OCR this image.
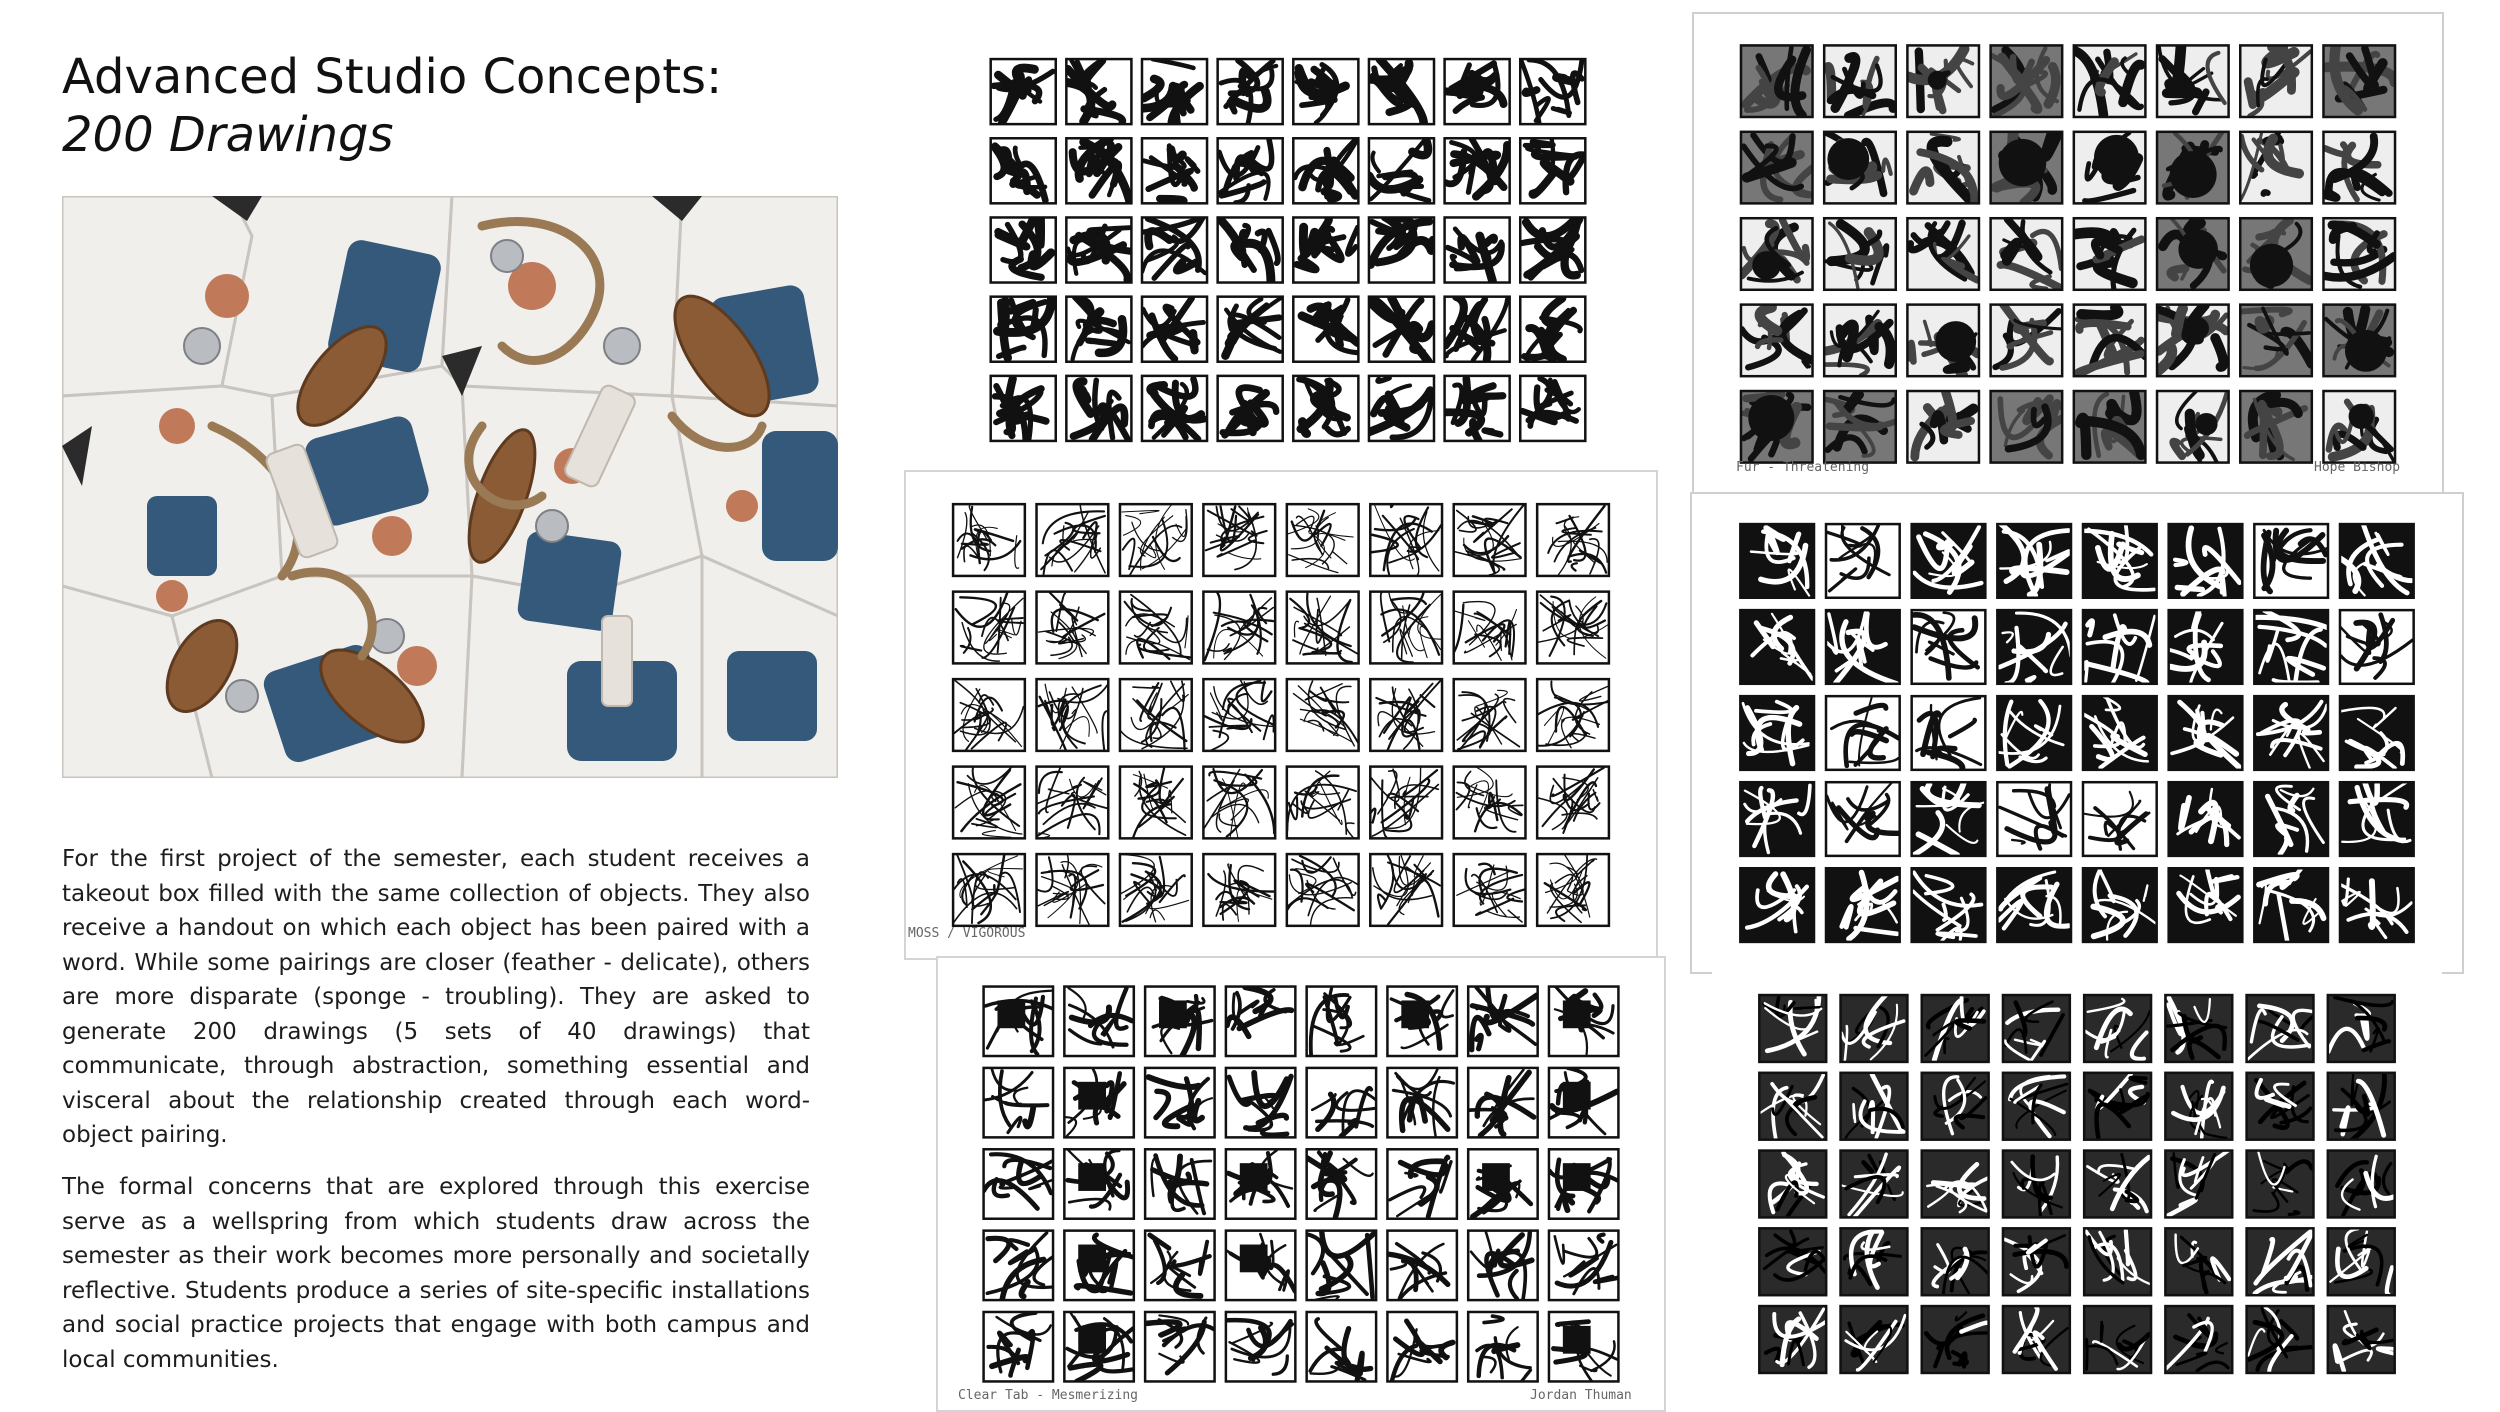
Advanced Studio Concepts:
200 Drawings

For the first project of the semester, each student receives a takeout box filled with the same collection of objects. They also receive a handout on which each object has been paired with a word. While some pairings are closer (feather - delicate), others are more disparate (sponge - troubling). They are asked to generate 200 drawings (5 sets of 40 drawings) that communicate, through abstraction, something essential and visceral about the relationship created through each word-object pairing.

The formal concerns that are explored through this exercise serve as a wellspring from which students draw across the semester as their work becomes more personally and societally reflective. Students produce a series of site-specific installations and social practice projects that engage with both campus and local communities.

Fur - Threatening	Hope Bishop
MOSS / VIGOROUS
Clear Tab - Mesmerizing	Jordan Thuman
